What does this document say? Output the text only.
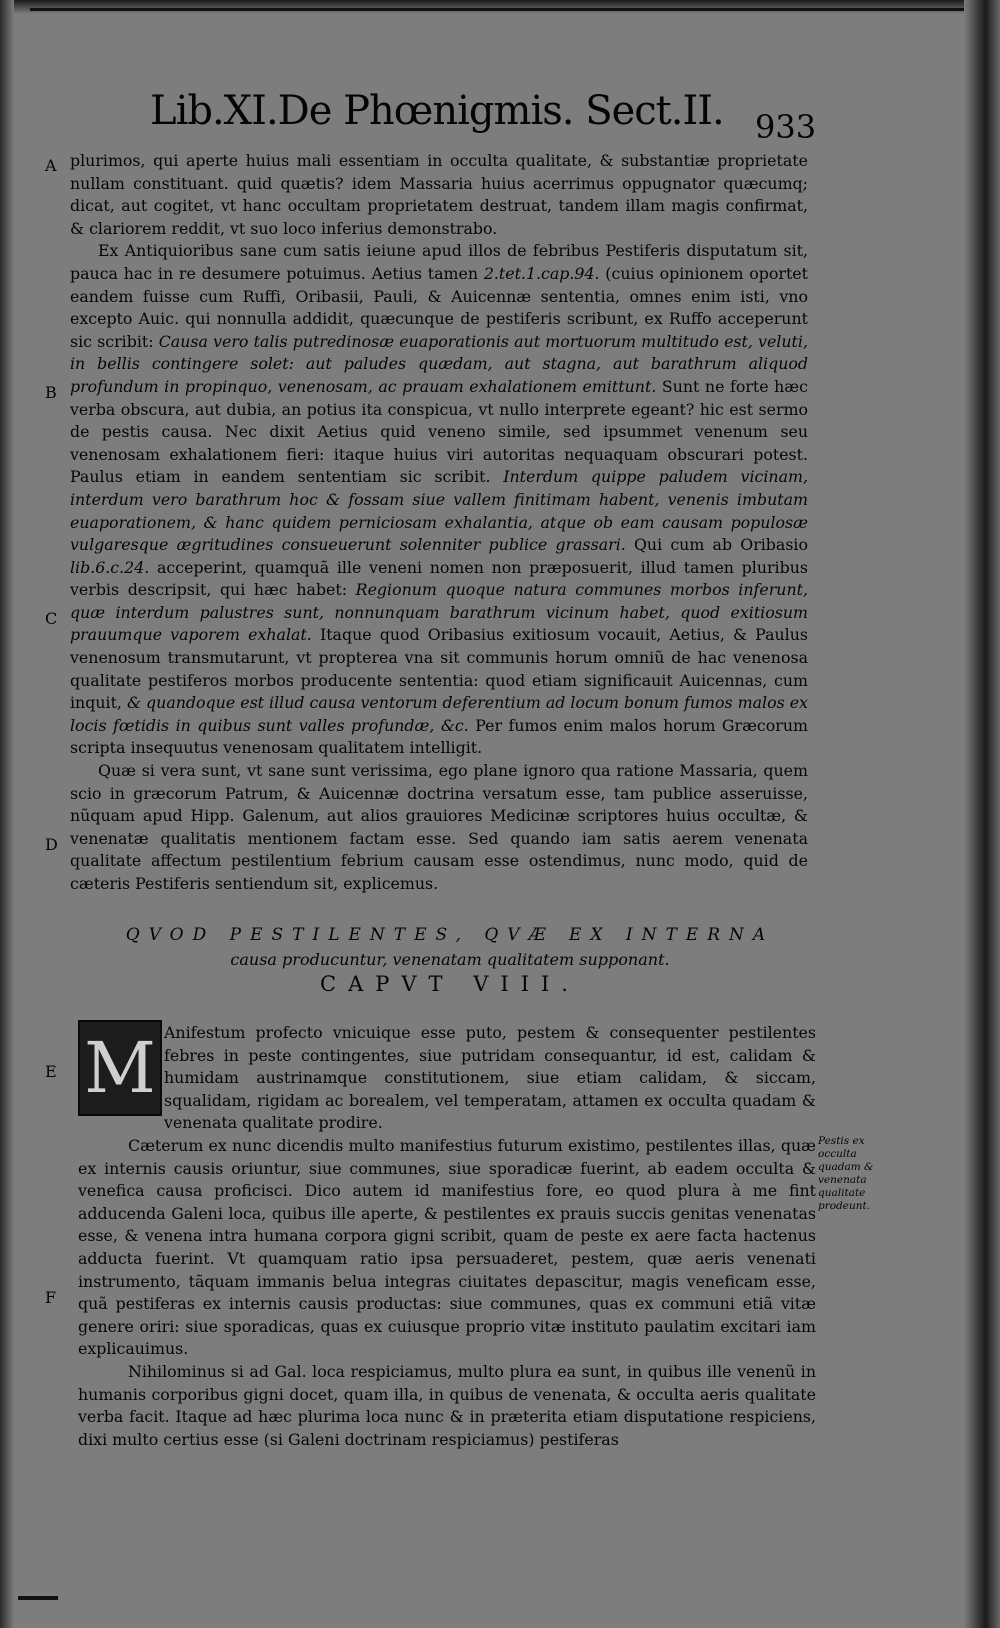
Lib.XI.De Phœnigmis. Sect.II. 933
A
B
C
D
E
F

plurimos, qui aperte huius mali essentiam in occulta qualitate, & substantiæ proprietate nullam constituant. quid quætis? idem Massaria huius acerrimus oppugnator quæcumq; dicat, aut cogitet, vt hanc occultam proprietatem destruat, tandem illam magis confirmat, & clariorem reddit, vt suo loco inferius demonstrabo.

Ex Antiquioribus sane cum satis ieiune apud illos de febribus Pestiferis disputatum sit, pauca hac in re desumere potuimus. Aetius tamen 2.tet.1.cap.94. (cuius opinionem oportet eandem fuisse cum Ruffi, Oribasii, Pauli, & Auicennæ sententia, omnes enim isti, vno excepto Auic. qui nonnulla addidit, quæcunque de pestiferis scribunt, ex Ruffo acceperunt sic scribit: Causa vero talis putredinosæ euaporationis aut mortuorum multitudo est, veluti, in bellis contingere solet: aut paludes quædam, aut stagna, aut barathrum aliquod profundum in propinquo, venenosam, ac prauam exhalationem emittunt. Sunt ne forte hæc verba obscura, aut dubia, an potius ita conspicua, vt nullo interprete egeant? hic est sermo de pestis causa. Nec dixit Aetius quid veneno simile, sed ipsummet venenum seu venenosam exhalationem fieri: itaque huius viri autoritas nequaquam obscurari potest. Paulus etiam in eandem sententiam sic scribit. Interdum quippe paludem vicinam, interdum vero barathrum hoc & fossam siue vallem finitimam habent, venenis imbutam euaporationem, & hanc quidem perniciosam exhalantia, atque ob eam causam populosæ vulgaresque ægritudines consueuerunt solenniter publice grassari. Qui cum ab Oribasio lib.6.c.24. acceperint, quamquã ille veneni nomen non præposuerit, illud tamen pluribus verbis descripsit, qui hæc habet: Regionum quoque natura communes morbos inferunt, quæ interdum palustres sunt, nonnunquam barathrum vicinum habet, quod exitiosum prauumque vaporem exhalat. Itaque quod Oribasius exitiosum vocauit, Aetius, & Paulus venenosum transmutarunt, vt propterea vna sit communis horum omniũ de hac venenosa qualitate pestiferos morbos producente sententia: quod etiam significauit Auicennas, cum inquit, & quandoque est illud causa ventorum deferentium ad locum bonum fumos malos ex locis fœtidis in quibus sunt valles profundæ, &c. Per fumos enim malos horum Græcorum scripta insequutus venenosam qualitatem intelligit.

Quæ si vera sunt, vt sane sunt verissima, ego plane ignoro qua ratione Massaria, quem scio in græcorum Patrum, & Auicennæ doctrina versatum esse, tam publice asseruisse, nũquam apud Hipp. Galenum, aut alios grauiores Medicinæ scriptores huius occultæ, & venenatæ qualitatis mentionem factam esse. Sed quando iam satis aerem venenata qualitate affectum pestilentium febrium causam esse ostendimus, nunc modo, quid de cæteris Pestiferis sentiendum sit, explicemus.

QVOD PESTILENTES, QVÆ EX INTERNA
causa producuntur, venenatam qualitatem supponant.
CAPVT VIII.
M Anifestum profecto vnicuique esse puto, pestem & consequenter pestilentes febres in peste contingentes, siue putridam consequantur, id est, calidam & humidam austrinamque constitutionem, siue etiam calidam, & siccam, squalidam, rigidam ac borealem, vel temperatam, attamen ex occulta quadam & venenata qualitate prodire.

Cæterum ex nunc dicendis multo manifestius futurum existimo, pestilentes illas, quæ ex internis causis oriuntur, siue communes, siue sporadicæ fuerint, ab eadem occulta & venefica causa proficisci. Dico autem id manifestius fore, eo quod plura à me fint adducenda Galeni loca, quibus ille aperte, & pestilentes ex prauis succis genitas venenatas esse, & venena intra humana corpora gigni scribit, quam de peste ex aere facta hactenus adducta fuerint. Vt quamquam ratio ipsa persuaderet, pestem, quæ aeris venenati instrumento, tãquam immanis belua integras ciuitates depascitur, magis veneficam esse, quã pestiferas ex internis causis productas: siue communes, quas ex communi etiã vitæ genere oriri: siue sporadicas, quas ex cuiusque proprio vitæ instituto paulatim excitari iam explicauimus.

Nihilominus si ad Gal. loca respiciamus, multo plura ea sunt, in quibus ille venenũ in humanis corporibus gigni docet, quam illa, in quibus de venenata, & occulta aeris qualitate verba facit. Itaque ad hæc plurima loca nunc & in præterita etiam disputatione respiciens, dixi multo certius esse (si Galeni doctrinam respiciamus) pestiferas

Pestis ex occulta quadam & venenata qualitate prodeunt.
